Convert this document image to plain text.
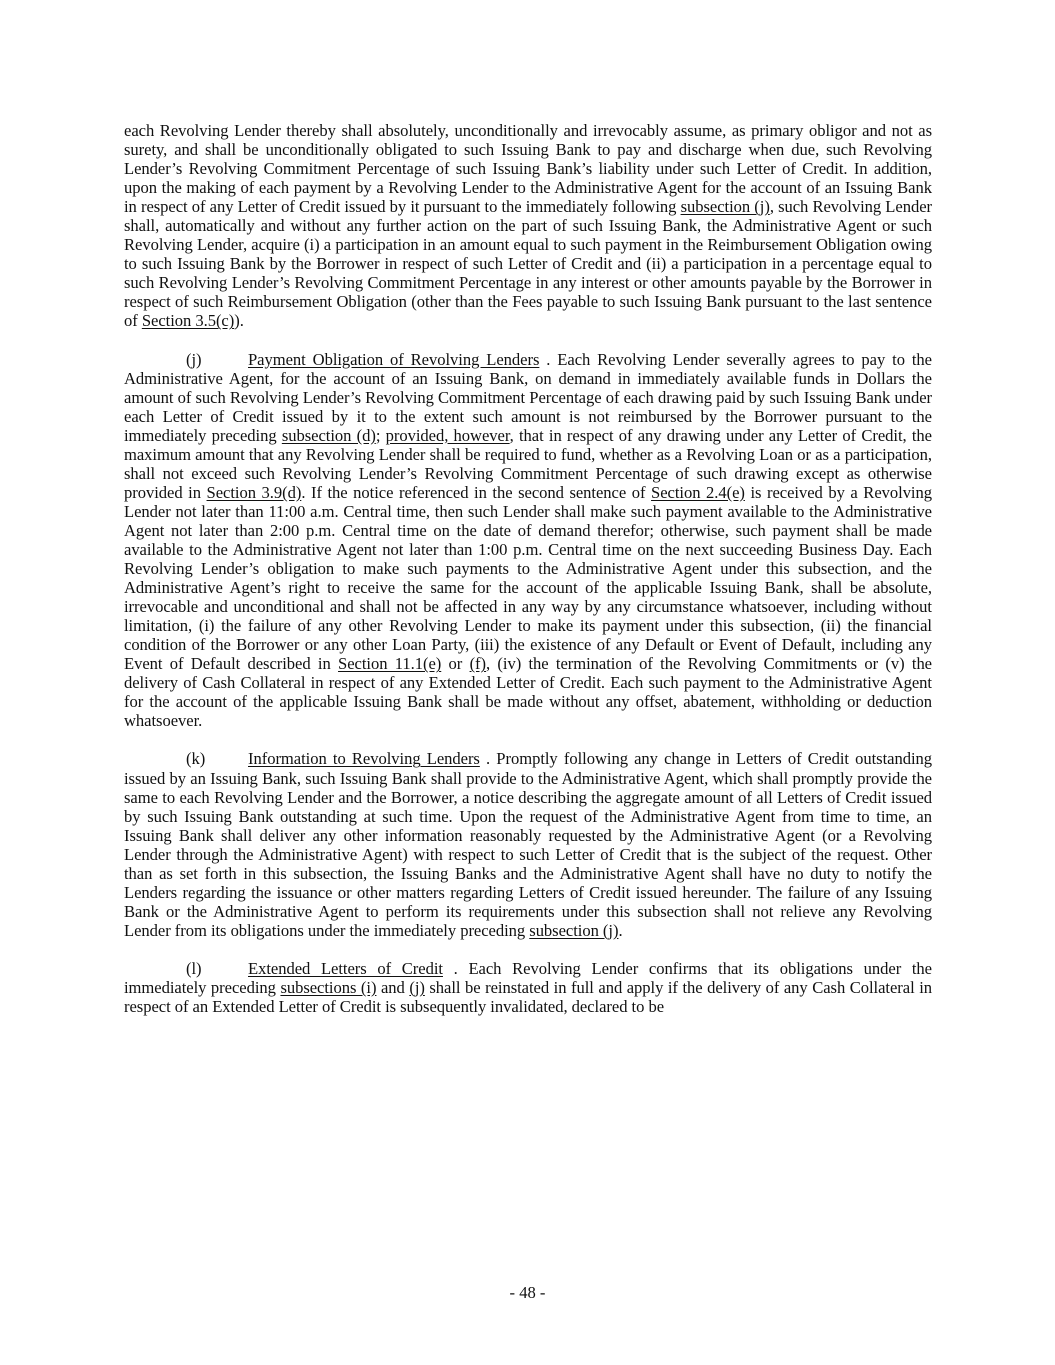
each Revolving Lender thereby shall absolutely, unconditionally and irrevocably assume, as primary obligor and not as surety, and shall be unconditionally obligated to such Issuing Bank to pay and discharge when due, such Revolving Lender’s Revolving Commitment Percentage of such Issuing Bank’s liability under such Letter of Credit. In addition, upon the making of each payment by a Revolving Lender to the Administrative Agent for the account of an Issuing Bank in respect of any Letter of Credit issued by it pursuant to the immediately following subsection (j), such Revolving Lender shall, automatically and without any further action on the part of such Issuing Bank, the Administrative Agent or such Revolving Lender, acquire (i) a participation in an amount equal to such payment in the Reimbursement Obligation owing to such Issuing Bank by the Borrower in respect of such Letter of Credit and (ii) a participation in a percentage equal to such Revolving Lender’s Revolving Commitment Percentage in any interest or other amounts payable by the Borrower in respect of such Reimbursement Obligation (other than the Fees payable to such Issuing Bank pursuant to the last sentence of Section 3.5(c)).

(j)	Payment Obligation of Revolving Lenders . Each Revolving Lender severally agrees to pay to the Administrative Agent, for the account of an Issuing Bank, on demand in immediately available funds in Dollars the amount of such Revolving Lender’s Revolving Commitment Percentage of each drawing paid by such Issuing Bank under each Letter of Credit issued by it to the extent such amount is not reimbursed by the Borrower pursuant to the immediately preceding subsection (d); provided, however, that in respect of any drawing under any Letter of Credit, the maximum amount that any Revolving Lender shall be required to fund, whether as a Revolving Loan or as a participation, shall not exceed such Revolving Lender’s Revolving Commitment Percentage of such drawing except as otherwise provided in Section 3.9(d). If the notice referenced in the second sentence of Section 2.4(e) is received by a Revolving Lender not later than 11:00 a.m. Central time, then such Lender shall make such payment available to the Administrative Agent not later than 2:00 p.m. Central time on the date of demand therefor; otherwise, such payment shall be made available to the Administrative Agent not later than 1:00 p.m. Central time on the next succeeding Business Day. Each Revolving Lender’s obligation to make such payments to the Administrative Agent under this subsection, and the Administrative Agent’s right to receive the same for the account of the applicable Issuing Bank, shall be absolute, irrevocable and unconditional and shall not be affected in any way by any circumstance whatsoever, including without limitation, (i) the failure of any other Revolving Lender to make its payment under this subsection, (ii) the financial condition of the Borrower or any other Loan Party, (iii) the existence of any Default or Event of Default, including any Event of Default described in Section 11.1(e) or (f), (iv) the termination of the Revolving Commitments or (v) the delivery of Cash Collateral in respect of any Extended Letter of Credit. Each such payment to the Administrative Agent for the account of the applicable Issuing Bank shall be made without any offset, abatement, withholding or deduction whatsoever.

(k)	Information to Revolving Lenders . Promptly following any change in Letters of Credit outstanding issued by an Issuing Bank, such Issuing Bank shall provide to the Administrative Agent, which shall promptly provide the same to each Revolving Lender and the Borrower, a notice describing the aggregate amount of all Letters of Credit issued by such Issuing Bank outstanding at such time. Upon the request of the Administrative Agent from time to time, an Issuing Bank shall deliver any other information reasonably requested by the Administrative Agent (or a Revolving Lender through the Administrative Agent) with respect to such Letter of Credit that is the subject of the request. Other than as set forth in this subsection, the Issuing Banks and the Administrative Agent shall have no duty to notify the Lenders regarding the issuance or other matters regarding Letters of Credit issued hereunder. The failure of any Issuing Bank or the Administrative Agent to perform its requirements under this subsection shall not relieve any Revolving Lender from its obligations under the immediately preceding subsection (j).

(l)	Extended Letters of Credit . Each Revolving Lender confirms that its obligations under the immediately preceding subsections (i) and (j) shall be reinstated in full and apply if the delivery of any Cash Collateral in respect of an Extended Letter of Credit is subsequently invalidated, declared to be

- 48 -
